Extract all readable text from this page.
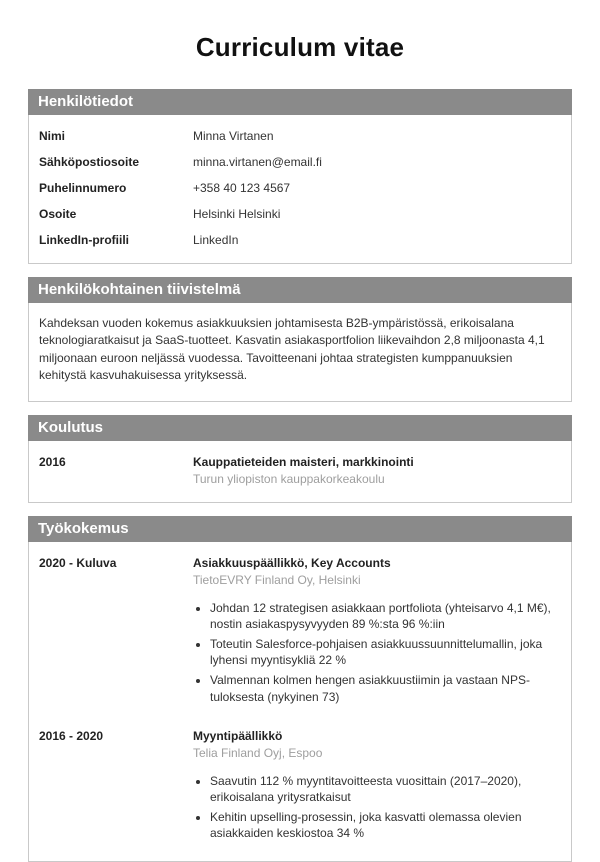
Curriculum vitae
Henkilötiedot
Nimi	Minna Virtanen
Sähköpostiosoite	minna.virtanen@email.fi
Puhelinnumero	+358 40 123 4567
Osoite	Helsinki Helsinki
LinkedIn-profiili	LinkedIn
Henkilökohtainen tiivistelmä

Kahdeksan vuoden kokemus asiakkuuksien johtamisesta B2B-ympäristössä, erikoisalana teknologiaratkaisut ja SaaS-tuotteet. Kasvatin asiakasportfolion liikevaihdon 2,8 miljoonasta 4,1 miljoonaan euroon neljässä vuodessa. Tavoitteenani johtaa strategisten kumppanuuksien kehitystä kasvuhakuisessa yrityksessä.

Koulutus
2016	Kauppatieteiden maisteri, markkinointi

Turun yliopiston kauppakorkeakoulu

Työkokemus
2020 - Kuluva	Asiakkuuspäällikkö, Key Accounts

TietoEVRY Finland Oy, Helsinki

• Johdan 12 strategisen asiakkaan portfoliota (yhteisarvo 4,1 M€), nostin asiakaspysyvyyden 89 %:sta 96 %:iin
• Toteutin Salesforce-pohjaisen asiakkuussuunnittelumallin, joka lyhensi myyntisykliä 22 %
• Valmennan kolmen hengen asiakkuustiimin ja vastaan NPS-tuloksesta (nykyinen 73)
2016 - 2020	Myyntipäällikkö

Telia Finland Oyj, Espoo

• Saavutin 112 % myyntitavoitteesta vuosittain (2017–2020), erikoisalana yritysratkaisut
• Kehitin upselling-prosessin, joka kasvatti olemassa olevien asiakkaiden keskiostoa 34 %
